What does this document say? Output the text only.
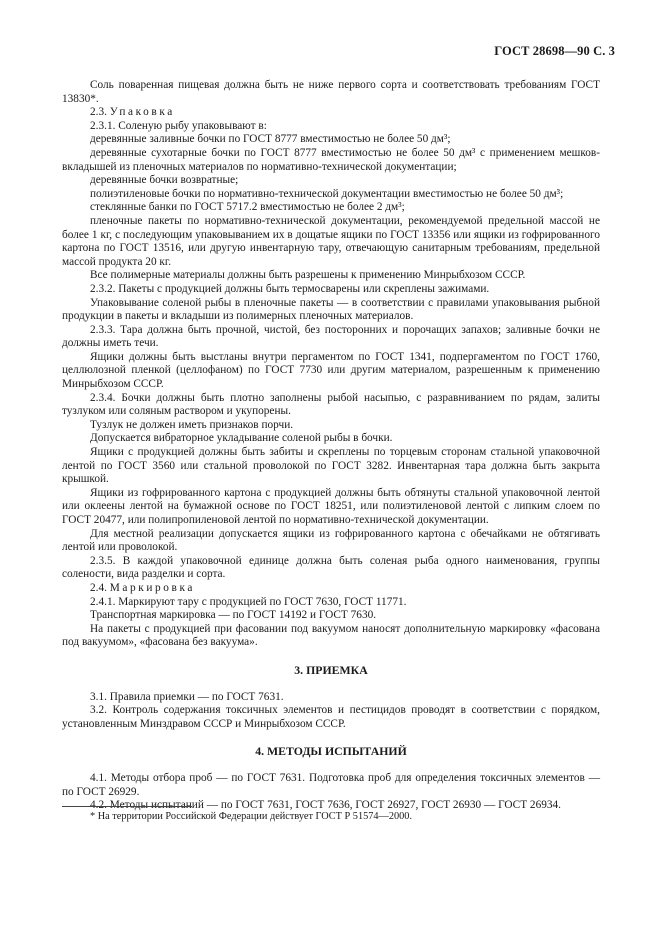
ГОСТ 28698—90 С. 3

Соль поваренная пищевая должна быть не ниже первого сорта и соответствовать требованиям ГОСТ 13830*.

2.3. Упаковка

2.3.1. Соленую рыбу упаковывают в:

деревянные заливные бочки по ГОСТ 8777 вместимостью не более 50 дм³;

деревянные сухотарные бочки по ГОСТ 8777 вместимостью не более 50 дм³ с применением мешков-вкладышей из пленочных материалов по нормативно-технической документации;

деревянные бочки возвратные;

полиэтиленовые бочки по нормативно-технической документации вместимостью не более 50 дм³;

стеклянные банки по ГОСТ 5717.2 вместимостью не более 2 дм³;

пленочные пакеты по нормативно-технической документации, рекомендуемой предельной массой не более 1 кг, с последующим упаковыванием их в дощатые ящики по ГОСТ 13356 или ящики из гофрированного картона по ГОСТ 13516, или другую инвентарную тару, отвечающую санитарным требованиям, предельной массой продукта 20 кг.

Все полимерные материалы должны быть разрешены к применению Минрыбхозом СССР.

2.3.2. Пакеты с продукцией должны быть термосварены или скреплены зажимами.

Упаковывание соленой рыбы в пленочные пакеты — в соответствии с правилами упаковывания рыбной продукции в пакеты и вкладыши из полимерных пленочных материалов.

2.3.3. Тара должна быть прочной, чистой, без посторонних и порочащих запахов; заливные бочки не должны иметь течи.

Ящики должны быть выстланы внутри пергаментом по ГОСТ 1341, подпергаментом по ГОСТ 1760, целлюлозной пленкой (целлофаном) по ГОСТ 7730 или другим материалом, разрешенным к применению Минрыбхозом СССР.

2.3.4. Бочки должны быть плотно заполнены рыбой насыпью, с разравниванием по рядам, залиты тузлуком или соляным раствором и укупорены.

Тузлук не должен иметь признаков порчи.

Допускается вибраторное укладывание соленой рыбы в бочки.

Ящики с продукцией должны быть забиты и скреплены по торцевым сторонам стальной упаковочной лентой по ГОСТ 3560 или стальной проволокой по ГОСТ 3282. Инвентарная тара должна быть закрыта крышкой.

Ящики из гофрированного картона с продукцией должны быть обтянуты стальной упаковочной лентой или оклеены лентой на бумажной основе по ГОСТ 18251, или полиэтиленовой лентой с липким слоем по ГОСТ 20477, или полипропиленовой лентой по нормативно-технической документации.

Для местной реализации допускается ящики из гофрированного картона с обечайками не обтягивать лентой или проволокой.

2.3.5. В каждой упаковочной единице должна быть соленая рыба одного наименования, группы солености, вида разделки и сорта.

2.4. Маркировка

2.4.1. Маркируют тару с продукцией по ГОСТ 7630, ГОСТ 11771.

Транспортная маркировка — по ГОСТ 14192 и ГОСТ 7630.

На пакеты с продукцией при фасовании под вакуумом наносят дополнительную маркировку «фасована под вакуумом», «фасована без вакуума».

3. ПРИЕМКА

3.1. Правила приемки — по ГОСТ 7631.

3.2. Контроль содержания токсичных элементов и пестицидов проводят в соответствии с порядком, установленным Минздравом СССР и Минрыбхозом СССР.

4. МЕТОДЫ ИСПЫТАНИЙ

4.1. Методы отбора проб — по ГОСТ 7631. Подготовка проб для определения токсичных элементов — по ГОСТ 26929.

4.2. Методы испытаний — по ГОСТ 7631, ГОСТ 7636, ГОСТ 26927, ГОСТ 26930 — ГОСТ 26934.

* На территории Российской Федерации действует ГОСТ Р 51574—2000.
